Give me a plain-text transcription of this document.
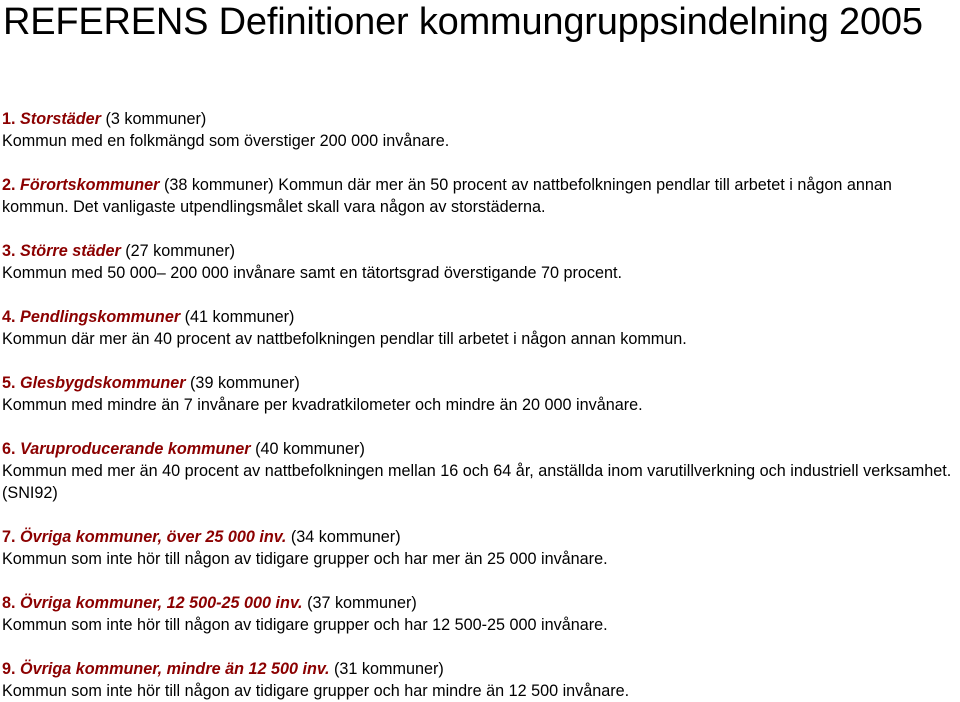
REFERENS Definitioner kommungruppsindelning 2005
1. Storstäder (3 kommuner)
Kommun med en folkmängd som överstiger 200 000 invånare.
2. Förortskommuner (38 kommuner) Kommun där mer än 50 procent av nattbefolkningen pendlar till arbetet i någon annan kommun. Det vanligaste utpendlingsmålet skall vara någon av storstäderna.
3. Större städer (27 kommuner)
Kommun med 50 000– 200 000 invånare samt en tätortsgrad överstigande 70 procent.
4. Pendlingskommuner (41 kommuner)
Kommun där mer än 40 procent av nattbefolkningen pendlar till arbetet i någon annan kommun.
5. Glesbygdskommuner (39 kommuner)
Kommun med mindre än 7 invånare per kvadratkilometer och mindre än 20 000 invånare.
6. Varuproducerande kommuner (40 kommuner)
Kommun med mer än 40 procent av nattbefolkningen mellan 16 och 64 år, anställda inom varutillverkning och industriell verksamhet. (SNI92)
7. Övriga kommuner, över 25 000 inv. (34 kommuner)
Kommun som inte hör till någon av tidigare grupper och har mer än 25 000 invånare.
8. Övriga kommuner, 12 500-25 000 inv. (37 kommuner)
Kommun som inte hör till någon av tidigare grupper och har 12 500-25 000 invånare.
9. Övriga kommuner, mindre än 12 500 inv. (31 kommuner)
Kommun som inte hör till någon av tidigare grupper och har mindre än 12 500 invånare.
